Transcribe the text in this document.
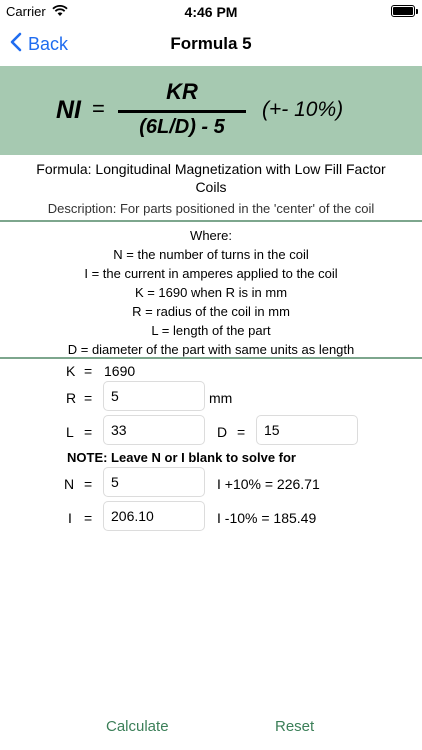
Carrier	4:46 PM
Back	Formula 5
NI =
KR
(6L/D) - 5
(+- 10%)
Formula: Longitudinal Magnetization with Low Fill Factor Coils
Description: For parts positioned in the 'center' of the coil
Where:
N = the number of turns in the coil
I = the current in amperes applied to the coil
K = 1690 when R is in mm
R = radius of the coil in mm
L = length of the part
D = diameter of the part with same units as length
K = 1690
R =	5	mm
L =	33	D =	15
NOTE: Leave N or I blank to solve for
N =	5	I +10% = 226.71
I =	206.10	I -10% = 185.49
Calculate	Reset
